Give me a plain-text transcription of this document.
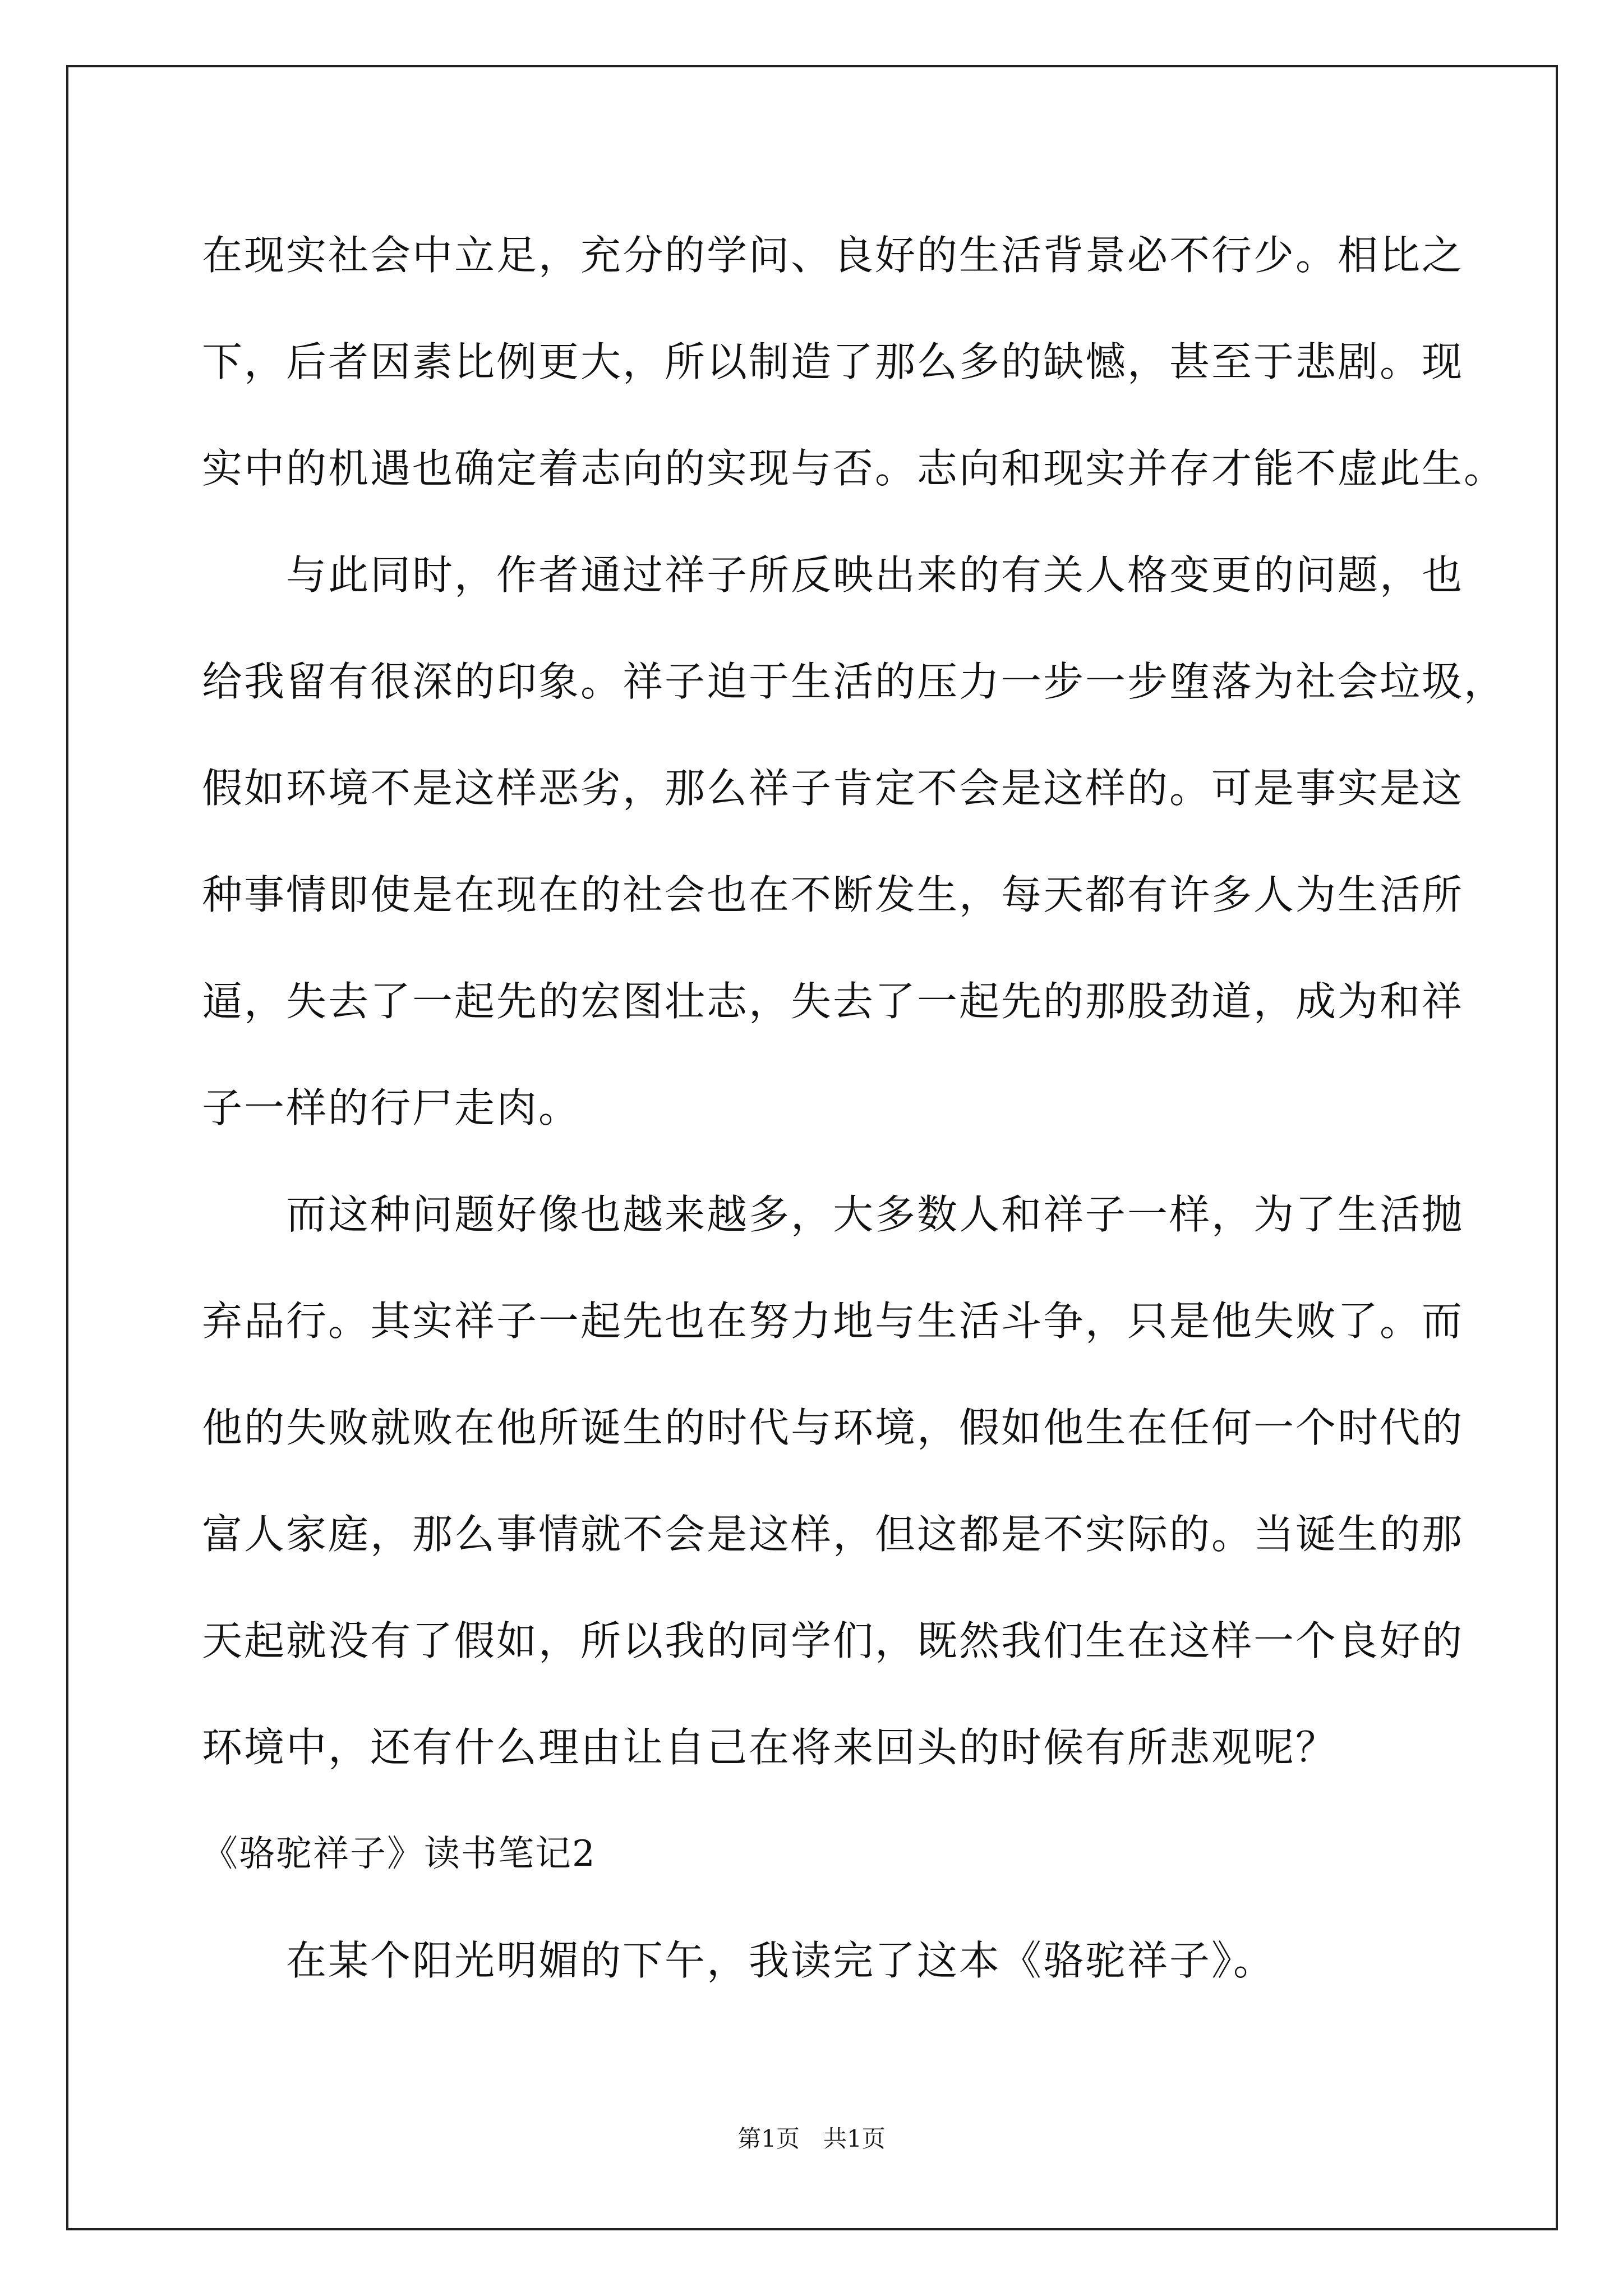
在现实社会中立足，充分的学问、良好的生活背景必不行少。相比之
下，后者因素比例更大，所以制造了那么多的缺憾，甚至于悲剧。现
实中的机遇也确定着志向的实现与否。志向和现实并存才能不虚此生。
与此同时，作者通过祥子所反映出来的有关人格变更的问题，也
给我留有很深的印象。祥子迫于生活的压力一步一步堕落为社会垃圾，
假如环境不是这样恶劣，那么祥子肯定不会是这样的。可是事实是这
种事情即使是在现在的社会也在不断发生，每天都有许多人为生活所
逼，失去了一起先的宏图壮志，失去了一起先的那股劲道，成为和祥
子一样的行尸走肉。
而这种问题好像也越来越多，大多数人和祥子一样，为了生活抛
弃品行。其实祥子一起先也在努力地与生活斗争，只是他失败了。而
他的失败就败在他所诞生的时代与环境，假如他生在任何一个时代的
富人家庭，那么事情就不会是这样，但这都是不实际的。当诞生的那
天起就没有了假如，所以我的同学们，既然我们生在这样一个良好的
环境中，还有什么理由让自己在将来回头的时候有所悲观呢？
《骆驼祥子》读书笔记2
在某个阳光明媚的下午，我读完了这本《骆驼祥子》。
第1页 共1页
